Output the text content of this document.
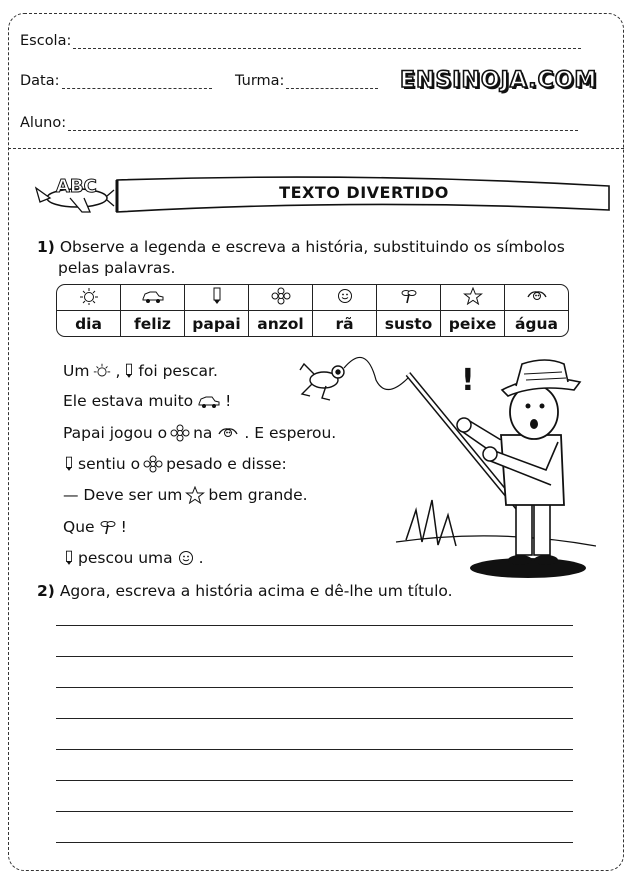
Escola:
Data:	Turma:	ENSINOJA.COM
Aluno:
ABC	TEXTO DIVERTIDO
1) Observe a legenda e escreva a história, substituindo os símbolos
pelas palavras.

dia	feliz	papai	anzol	rã	susto	peixe	água
Um , foi pescar.
Ele estava muito !
Papai jogou o na . E esperou.
sentiu o pesado e disse:
— Deve ser um bem grande.
Que !
pescou uma .
!
2) Agora, escreva a história acima e dê-lhe um título.
